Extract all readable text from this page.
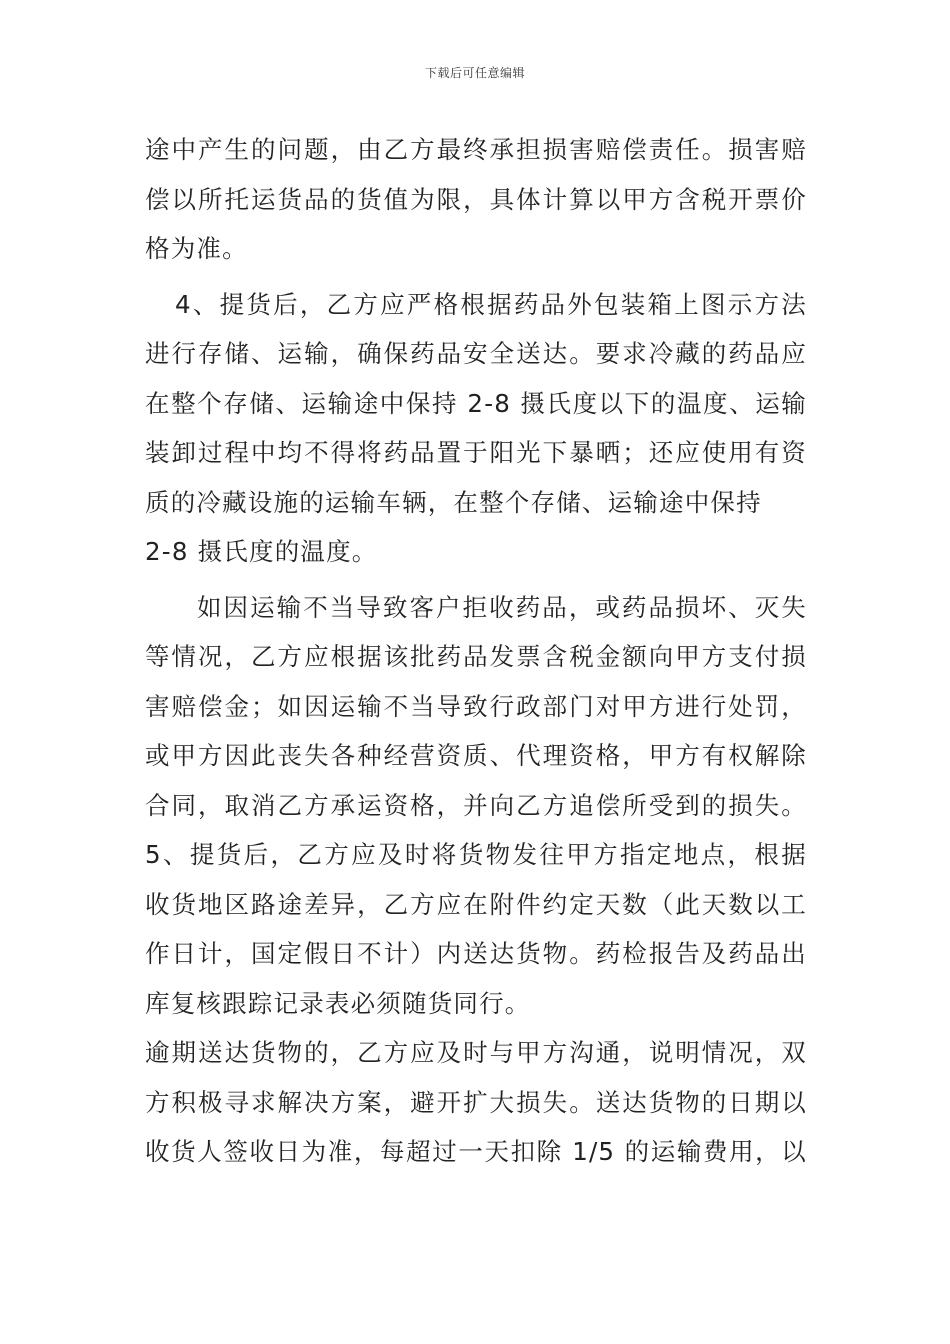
下载后可任意编辑
途中产生的问题，由乙方最终承担损害赔偿责任。损害赔
偿以所托运货品的货值为限，具体计算以甲方含税开票价
格为准。
4、提货后，乙方应严格根据药品外包装箱上图示方法
进行存储、运输，确保药品安全送达。要求冷藏的药品应
在整个存储、运输途中保持 2-8 摄氏度以下的温度、运输
装卸过程中均不得将药品置于阳光下暴晒；还应使用有资
质的冷藏设施的运输车辆，在整个存储、运输途中保持
2-8 摄氏度的温度。
如因运输不当导致客户拒收药品，或药品损坏、灭失
等情况，乙方应根据该批药品发票含税金额向甲方支付损
害赔偿金；如因运输不当导致行政部门对甲方进行处罚，
或甲方因此丧失各种经营资质、代理资格，甲方有权解除
合同，取消乙方承运资格，并向乙方追偿所受到的损失。
5、提货后，乙方应及时将货物发往甲方指定地点，根据
收货地区路途差异，乙方应在附件约定天数（此天数以工
作日计，国定假日不计）内送达货物。药检报告及药品出
库复核跟踪记录表必须随货同行。
逾期送达货物的，乙方应及时与甲方沟通，说明情况，双
方积极寻求解决方案，避开扩大损失。送达货物的日期以
收货人签收日为准，每超过一天扣除 1/5 的运输费用，以
